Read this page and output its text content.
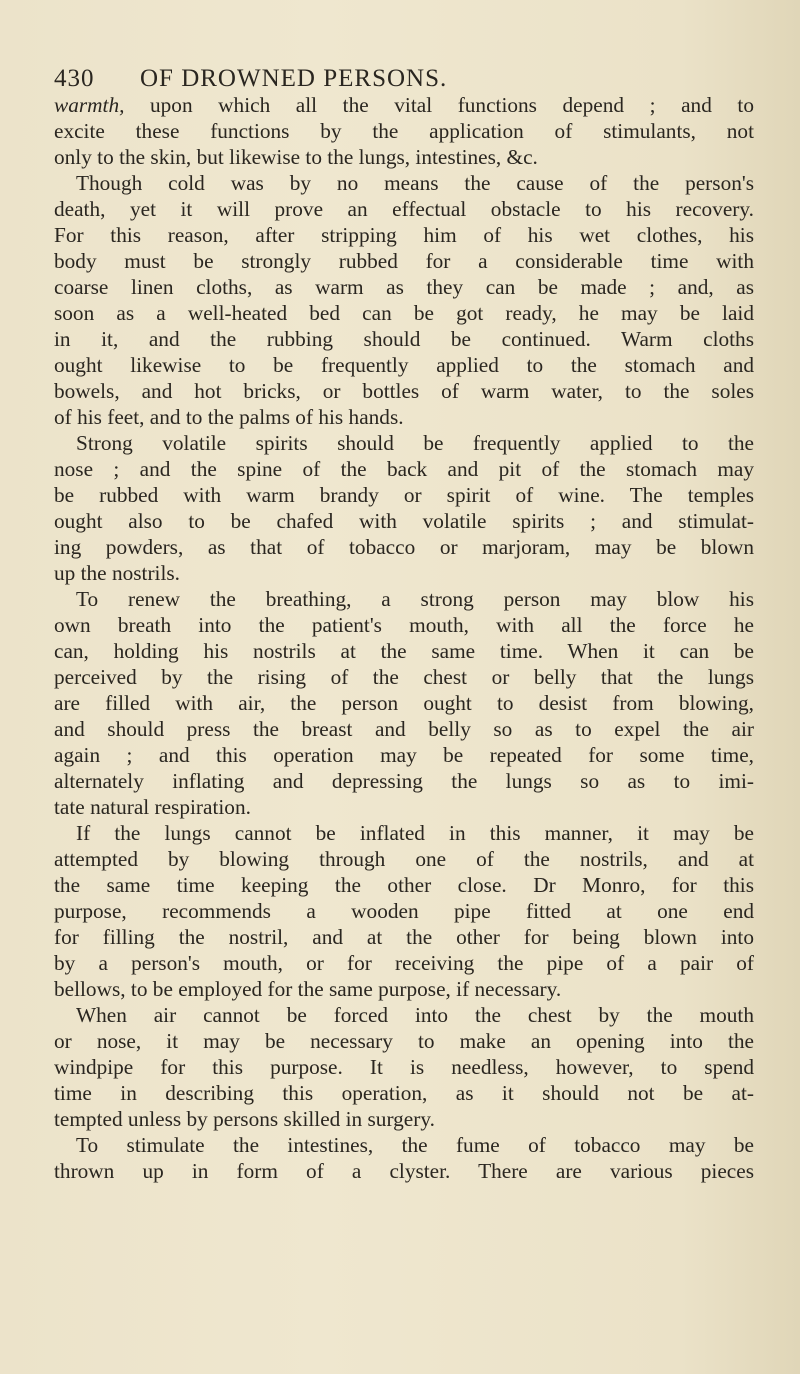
430 OF DROWNED PERSONS.
warmth, upon which all the vital functions depend ; and to
excite these functions by the application of stimulants, not
only to the skin, but likewise to the lungs, intestines, &c.
Though cold was by no means the cause of the person's
death, yet it will prove an effectual obstacle to his recovery.
For this reason, after stripping him of his wet clothes, his
body must be strongly rubbed for a considerable time with
coarse linen cloths, as warm as they can be made ; and, as
soon as a well-heated bed can be got ready, he may be laid
in it, and the rubbing should be continued. Warm cloths
ought likewise to be frequently applied to the stomach and
bowels, and hot bricks, or bottles of warm water, to the soles
of his feet, and to the palms of his hands.
Strong volatile spirits should be frequently applied to the
nose ; and the spine of the back and pit of the stomach may
be rubbed with warm brandy or spirit of wine. The temples
ought also to be chafed with volatile spirits ; and stimulat-
ing powders, as that of tobacco or marjoram, may be blown
up the nostrils.
To renew the breathing, a strong person may blow his
own breath into the patient's mouth, with all the force he
can, holding his nostrils at the same time. When it can be
perceived by the rising of the chest or belly that the lungs
are filled with air, the person ought to desist from blowing,
and should press the breast and belly so as to expel the air
again ; and this operation may be repeated for some time,
alternately inflating and depressing the lungs so as to imi-
tate natural respiration.
If the lungs cannot be inflated in this manner, it may be
attempted by blowing through one of the nostrils, and at
the same time keeping the other close. Dr Monro, for this
purpose, recommends a wooden pipe fitted at one end
for filling the nostril, and at the other for being blown into
by a person's mouth, or for receiving the pipe of a pair of
bellows, to be employed for the same purpose, if necessary.
When air cannot be forced into the chest by the mouth
or nose, it may be necessary to make an opening into the
windpipe for this purpose. It is needless, however, to spend
time in describing this operation, as it should not be at-
tempted unless by persons skilled in surgery.
To stimulate the intestines, the fume of tobacco may be
thrown up in form of a clyster. There are various pieces
